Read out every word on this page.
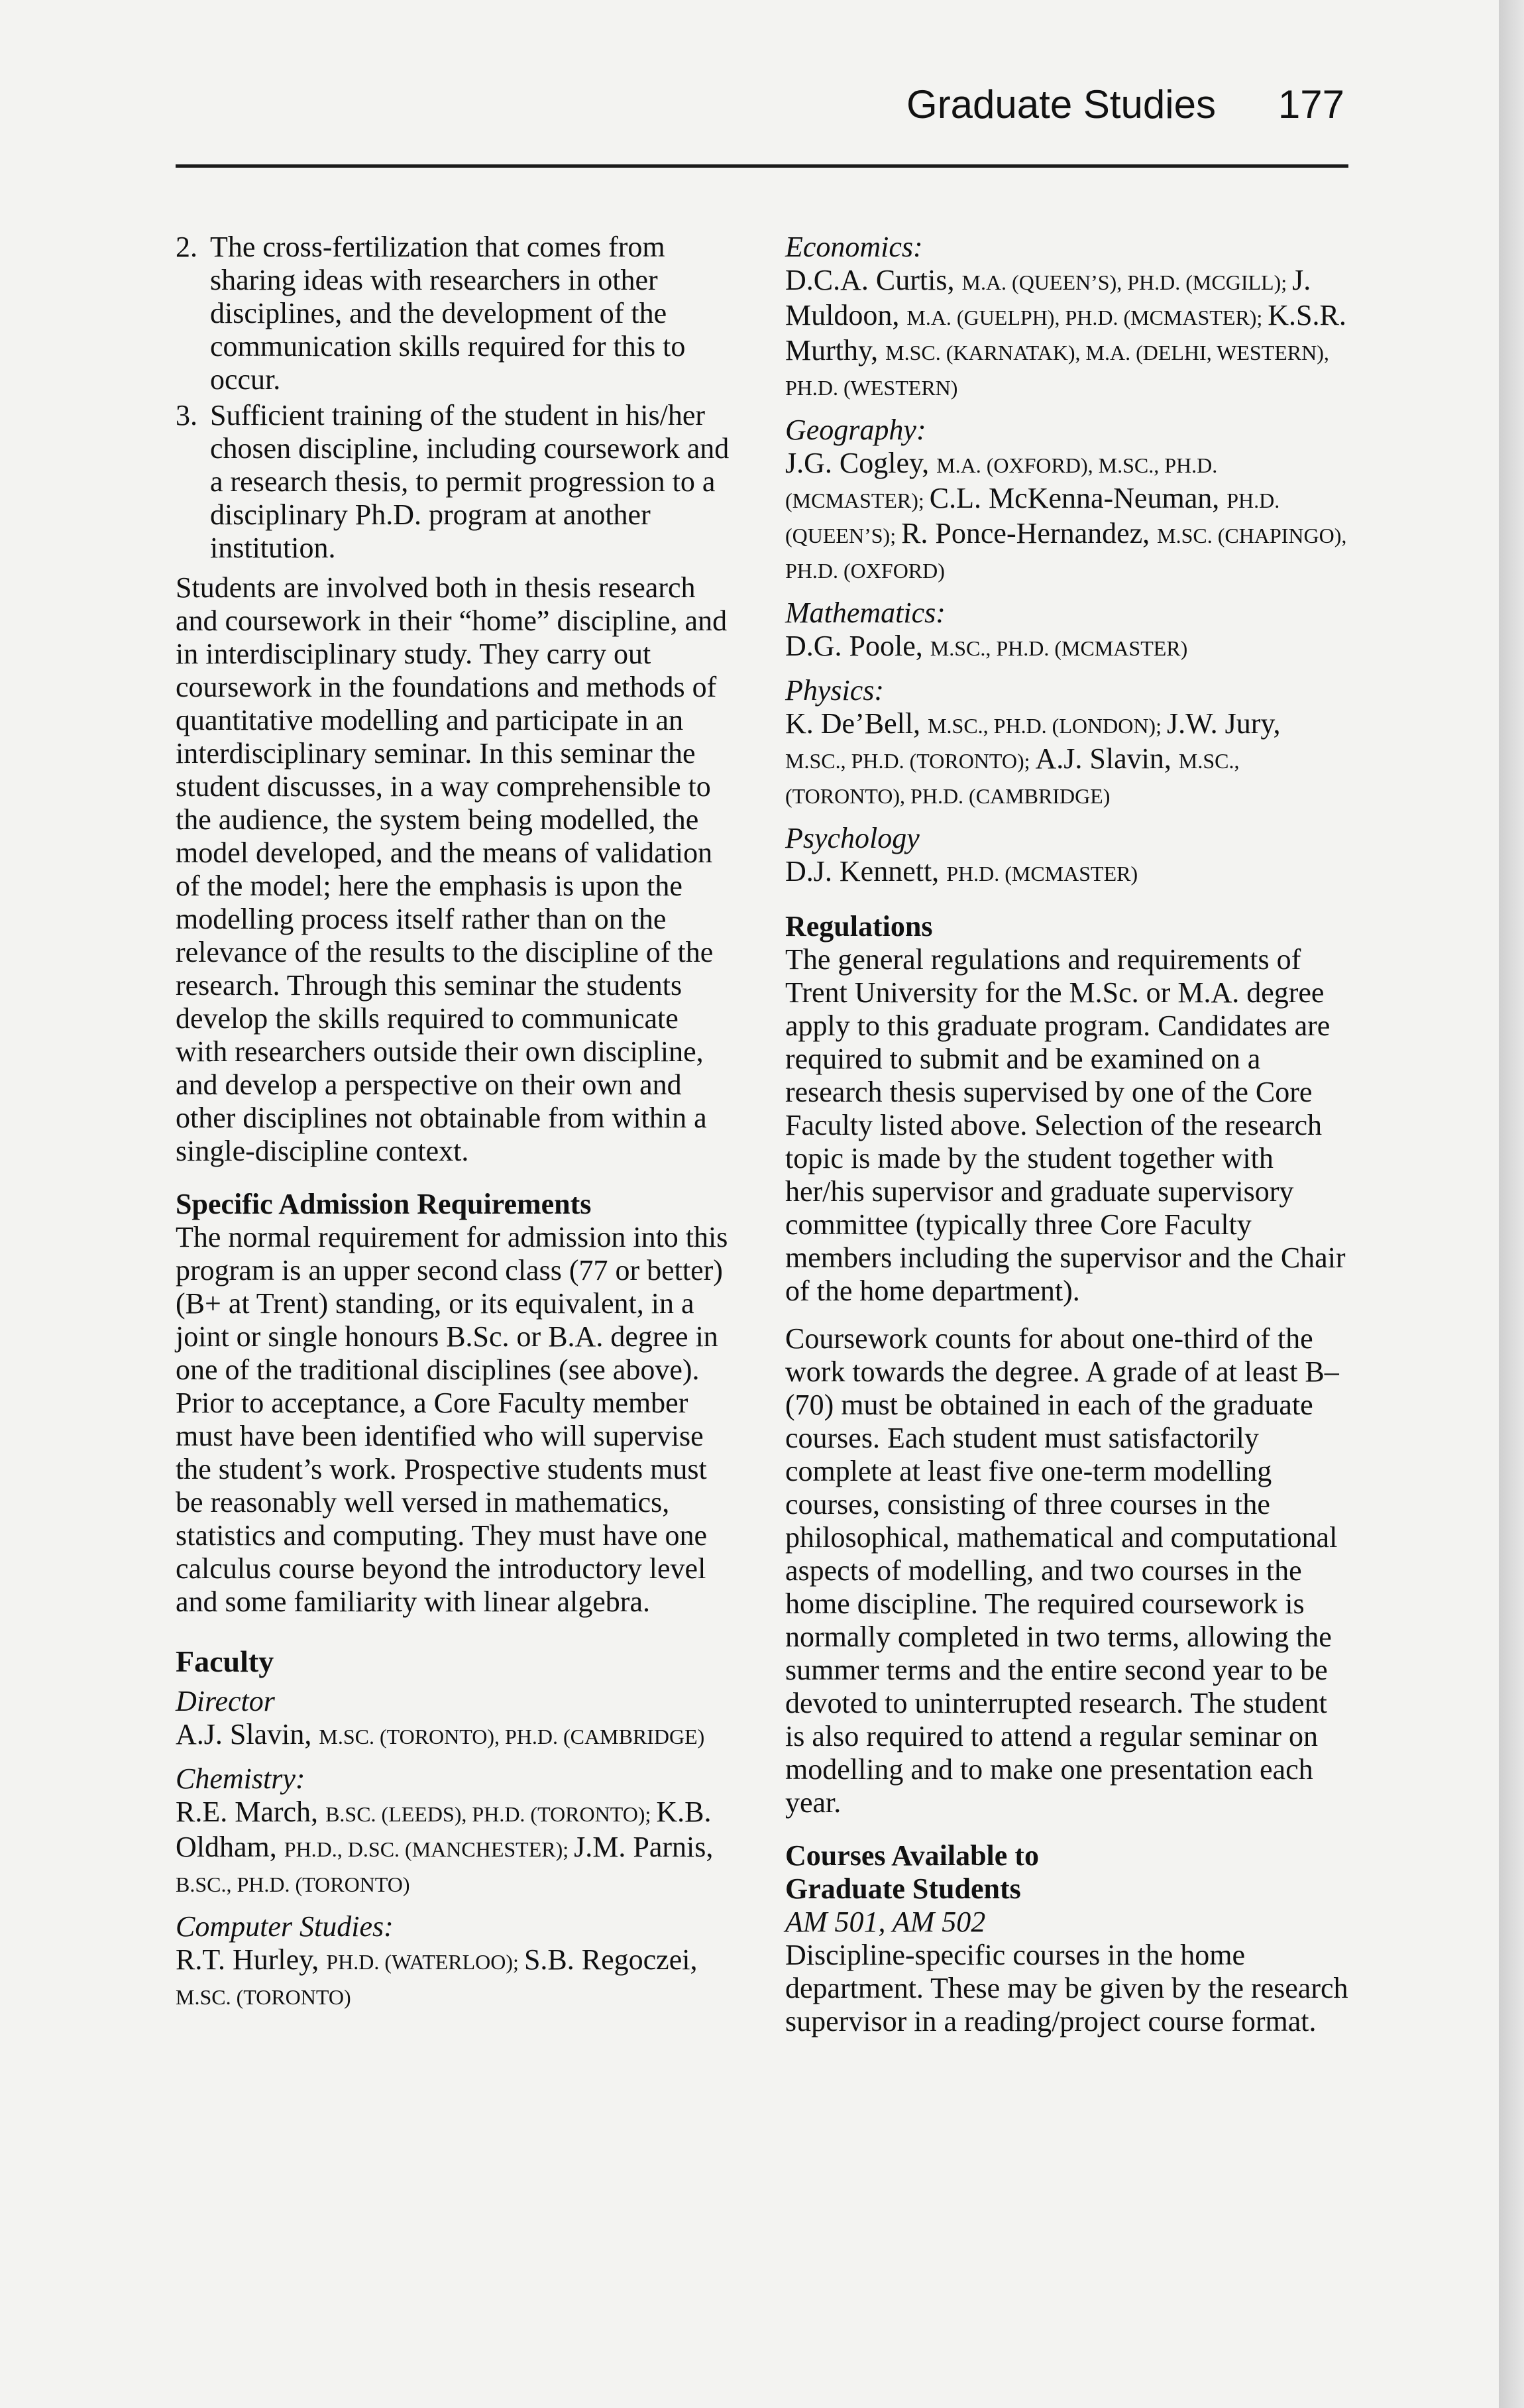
Graduate Studies 177
2. The cross-fertilization that comes from sharing ideas with researchers in other disciplines, and the development of the communication skills required for this to occur.
3. Sufficient training of the student in his/her chosen discipline, including coursework and a research thesis, to permit progression to a disciplinary Ph.D. program at another institution.

Students are involved both in thesis research and coursework in their “home” discipline, and in interdisciplinary study. They carry out coursework in the foundations and methods of quantitative modelling and participate in an interdisciplinary seminar. In this seminar the student discusses, in a way comprehensible to the audience, the system being modelled, the model developed, and the means of validation of the model; here the emphasis is upon the modelling process itself rather than on the relevance of the results to the discipline of the research. Through this seminar the students develop the skills required to communicate with researchers outside their own discipline, and develop a perspective on their own and other disciplines not obtainable from within a single-discipline context.

Specific Admission Requirements

The normal requirement for admission into this program is an upper second class (77 or better) (B+ at Trent) standing, or its equivalent, in a joint or single honours B.Sc. or B.A. degree in one of the traditional disciplines (see above). Prior to acceptance, a Core Faculty member must have been identified who will supervise the student’s work. Prospective students must be reasonably well versed in mathematics, statistics and computing. They must have one calculus course beyond the introductory level and some familiarity with linear algebra.

Faculty
Director
A.J. Slavin, M.SC. (TORONTO), PH.D. (CAMBRIDGE)
Chemistry:
R.E. March, B.SC. (LEEDS), PH.D. (TORONTO); K.B. Oldham, PH.D., D.SC. (MANCHESTER); J.M. Parnis, B.SC., PH.D. (TORONTO)
Computer Studies:
R.T. Hurley, PH.D. (WATERLOO); S.B. Regoczei, M.SC. (TORONTO)
Economics:
D.C.A. Curtis, M.A. (QUEEN’S), PH.D. (MCGILL); J. Muldoon, M.A. (GUELPH), PH.D. (MCMASTER); K.S.R. Murthy, M.SC. (KARNATAK), M.A. (DELHI, WESTERN), PH.D. (WESTERN)
Geography:
J.G. Cogley, M.A. (OXFORD), M.SC., PH.D. (MCMASTER); C.L. McKenna-Neuman, PH.D. (QUEEN’S); R. Ponce-Hernandez, M.SC. (CHAPINGO), PH.D. (OXFORD)
Mathematics:
D.G. Poole, M.SC., PH.D. (MCMASTER)
Physics:
K. De’Bell, M.SC., PH.D. (LONDON); J.W. Jury, M.SC., PH.D. (TORONTO); A.J. Slavin, M.SC., (TORONTO), PH.D. (CAMBRIDGE)
Psychology
D.J. Kennett, PH.D. (MCMASTER)
Regulations

The general regulations and requirements of Trent University for the M.Sc. or M.A. degree apply to this graduate program. Candidates are required to submit and be examined on a research thesis supervised by one of the Core Faculty listed above. Selection of the research topic is made by the student together with her/his supervisor and graduate supervisory committee (typically three Core Faculty members including the supervisor and the Chair of the home department).

Coursework counts for about one-third of the work towards the degree. A grade of at least B– (70) must be obtained in each of the graduate courses. Each student must satisfactorily complete at least five one-term modelling courses, consisting of three courses in the philosophical, mathematical and computational aspects of modelling, and two courses in the home discipline. The required coursework is normally completed in two terms, allowing the summer terms and the entire second year to be devoted to uninterrupted research. The student is also required to attend a regular seminar on modelling and to make one presentation each year.

Courses Available to
Graduate Students
AM 501, AM 502

Discipline-specific courses in the home department. These may be given by the research supervisor in a reading/project course format.
